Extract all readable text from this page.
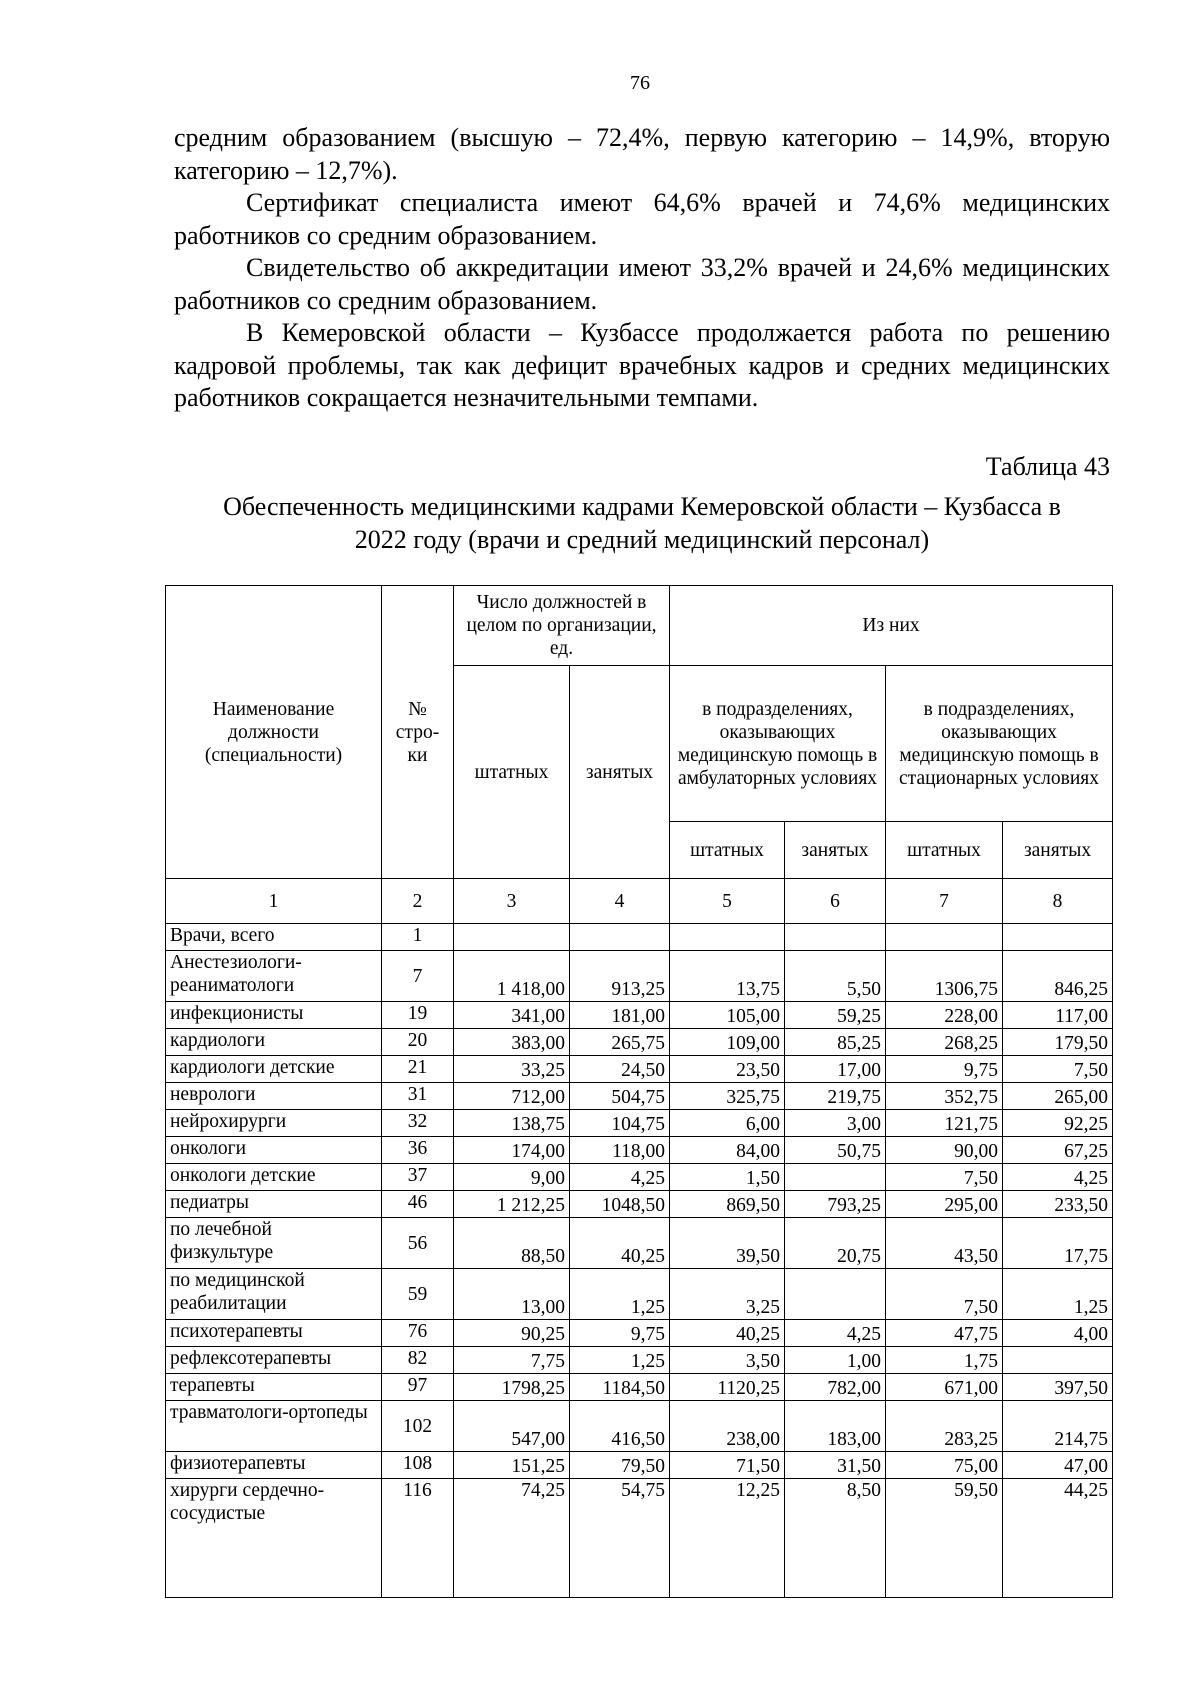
76

средним образованием (высшую – 72,4%, первую категорию – 14,9%, вторую категорию – 12,7%).

Сертификат специалиста имеют 64,6% врачей и 74,6% медицинских работников со средним образованием.

Свидетельство об аккредитации имеют 33,2% врачей и 24,6% медицинских работников со средним образованием.

В Кемеровской области – Кузбассе продолжается работа по решению кадровой проблемы, так как дефицит врачебных кадров и средних медицинских работников сокращается незначительными темпами.

Таблица 43
Обеспеченность медицинскими кадрами Кемеровской области – Кузбасса в
2022 году (врачи и средний медицинский персонал)
Наименование должности (специальности)	№ стро-ки	Число должностей в целом по организации, ед.		Из них			
		штатных	занятых	в подразделениях, оказывающих медицинскую помощь в амбулаторных условиях		в подразделениях, оказывающих медицинскую помощь в стационарных условиях	
				штатных	занятых	штатных	занятых
1	2	3	4	5	6	7	8
Врачи, всего	1						
Анестезиологи-реаниматологи	7	1 418,00	913,25	13,75	5,50	1306,75	846,25
инфекционисты	19	341,00	181,00	105,00	59,25	228,00	117,00
кардиологи	20	383,00	265,75	109,00	85,25	268,25	179,50
кардиологи детские	21	33,25	24,50	23,50	17,00	9,75	7,50
неврологи	31	712,00	504,75	325,75	219,75	352,75	265,00
нейрохирурги	32	138,75	104,75	6,00	3,00	121,75	92,25
онкологи	36	174,00	118,00	84,00	50,75	90,00	67,25
онкологи детские	37	9,00	4,25	1,50		7,50	4,25
педиатры	46	1 212,25	1048,50	869,50	793,25	295,00	233,50
по лечебной физкультуре	56	88,50	40,25	39,50	20,75	43,50	17,75
по медицинской реабилитации	59	13,00	1,25	3,25		7,50	1,25
психотерапевты	76	90,25	9,75	40,25	4,25	47,75	4,00
рефлексотерапевты	82	7,75	1,25	3,50	1,00	1,75	
терапевты	97	1798,25	1184,50	1120,25	782,00	671,00	397,50
травматологи-ортопеды	102	547,00	416,50	238,00	183,00	283,25	214,75
физиотерапевты	108	151,25	79,50	71,50	31,50	75,00	47,00
хирурги сердечно-сосудистые	116	74,25	54,75	12,25	8,50	59,50	44,25
